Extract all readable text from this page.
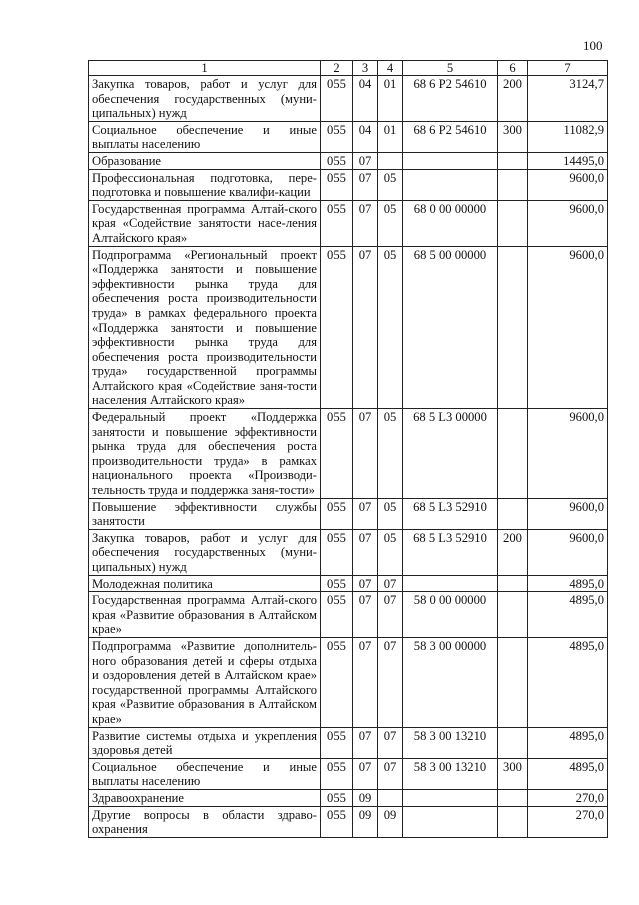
100
1	2	3	4	5	6	7
Закупка товаров, работ и услуг для обеспечения государственных (муни-ципальных) нужд	055	04	01	68 6 P2 54610	200	3124,7
Социальное обеспечение и иные выплаты населению	055	04	01	68 6 P2 54610	300	11082,9
Образование	055	07				14495,0
Профессиональная подготовка, пере-подготовка и повышение квалифи-кации	055	07	05			9600,0
Государственная программа Алтай-ского края «Содействие занятости насе-ления Алтайского края»	055	07	05	68 0 00 00000		9600,0
Подпрограмма «Региональный проект «Поддержка занятости и повышение эффективности рынка труда для обеспечения роста производительности труда» в рамках федерального проекта «Поддержка занятости и повышение эффективности рынка труда для обеспечения роста производительности труда» государственной программы Алтайского края «Содействие заня-тости населения Алтайского края»	055	07	05	68 5 00 00000		9600,0
Федеральный проект «Поддержка занятости и повышение эффективности рынка труда для обеспечения роста производительности труда» в рамках национального проекта «Производи-тельность труда и поддержка заня-тости»	055	07	05	68 5 L3 00000		9600,0
Повышение эффективности службы занятости	055	07	05	68 5 L3 52910		9600,0
Закупка товаров, работ и услуг для обеспечения государственных (муни-ципальных) нужд	055	07	05	68 5 L3 52910	200	9600,0
Молодежная политика	055	07	07			4895,0
Государственная программа Алтай-ского края «Развитие образования в Алтайском крае»	055	07	07	58 0 00 00000		4895,0
Подпрограмма «Развитие дополнитель-ного образования детей и сферы отдыха и оздоровления детей в Алтайском крае» государственной программы Алтайского края «Развитие образования в Алтайском крае»	055	07	07	58 3 00 00000		4895,0
Развитие системы отдыха и укрепления здоровья детей	055	07	07	58 3 00 13210		4895,0
Социальное обеспечение и иные выплаты населению	055	07	07	58 3 00 13210	300	4895,0
Здравоохранение	055	09				270,0
Другие вопросы в области здраво-охранения	055	09	09			270,0
